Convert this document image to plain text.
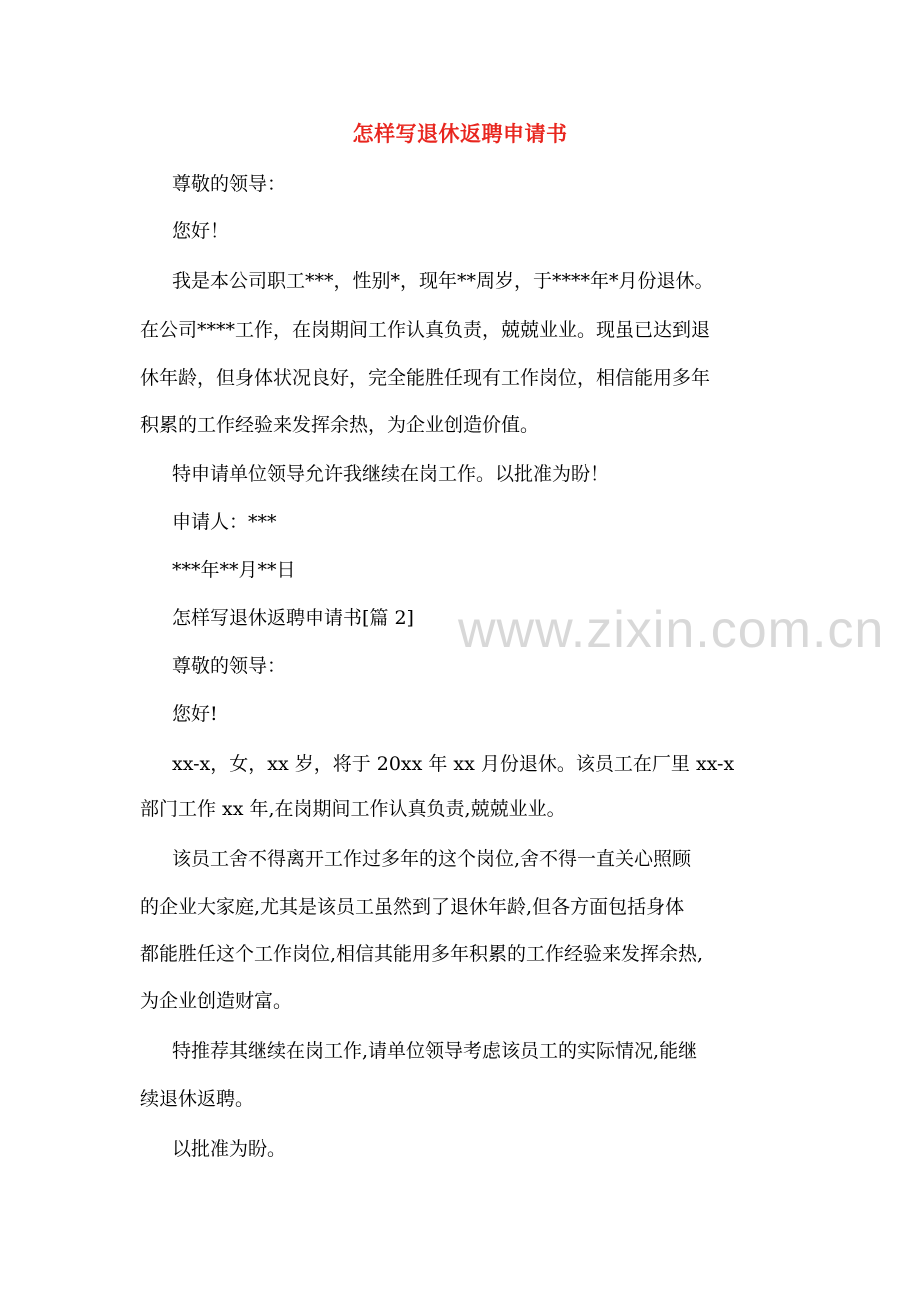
www.zixin.com.cn
怎样写退休返聘申请书
尊敬的领导：
您好！
我是本公司职工***，性别*，现年**周岁，于****年*月份退休。
在公司****工作，在岗期间工作认真负责，兢兢业业。现虽已达到退
休年龄，但身体状况良好，完全能胜任现有工作岗位，相信能用多年
积累的工作经验来发挥余热，为企业创造价值。
特申请单位领导允许我继续在岗工作。以批准为盼！
申请人：***
***年**月**日
怎样写退休返聘申请书[篇 2]
尊敬的领导：
您好!
xx-x，女，xx 岁，将于 20xx 年 xx 月份退休。该员工在厂里 xx-x
部门工作 xx 年,在岗期间工作认真负责,兢兢业业。
该员工舍不得离开工作过多年的这个岗位,舍不得一直关心照顾
的企业大家庭,尤其是该员工虽然到了退休年龄,但各方面包括身体
都能胜任这个工作岗位,相信其能用多年积累的工作经验来发挥余热,
为企业创造财富。
特推荐其继续在岗工作,请单位领导考虑该员工的实际情况,能继
续退休返聘。
以批准为盼。
